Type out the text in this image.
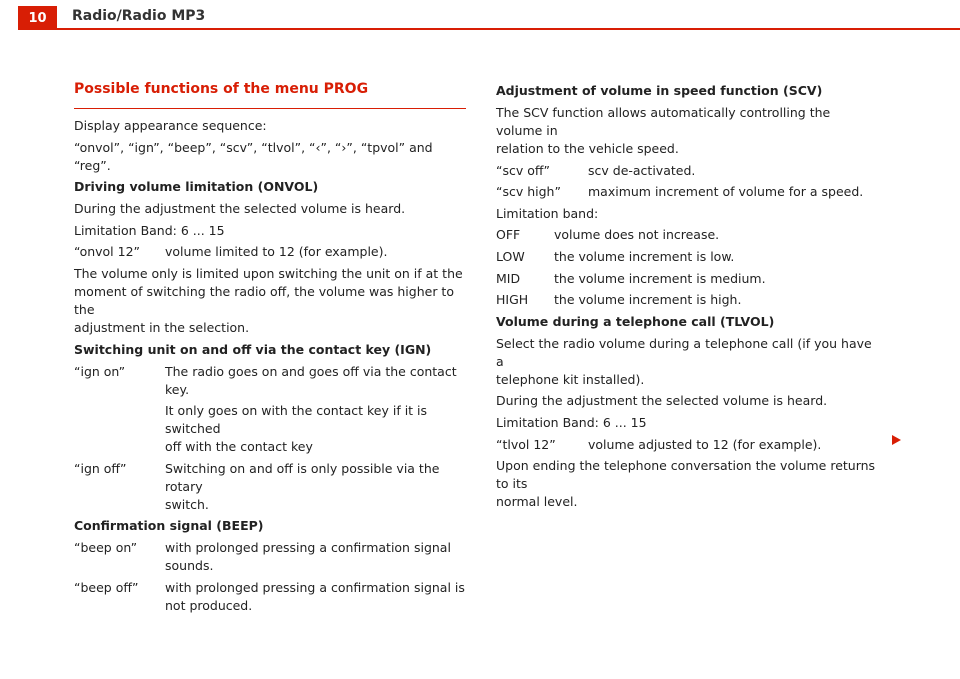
10	Radio/Radio MP3
Possible functions of the menu PROG
Display appearance sequence:
“onvol”, “ign”, “beep”, “scv”, “tlvol”, “‹”, “›”, “tpvol” and “reg”.
Driving volume limitation (ONVOL)
During the adjustment the selected volume is heard.
Limitation Band: 6 ... 15
“onvol 12”	volume limited to 12 (for example).
The volume only is limited upon switching the unit on if at the
moment of switching the radio off, the volume was higher to the
adjustment in the selection.
Switching unit on and off via the contact key (IGN)
“ign on”	The radio goes on and goes off via the contact key.
It only goes on with the contact key if it is switched
off with the contact key
“ign off”	Switching on and off is only possible via the rotary
switch.
Confirmation signal (BEEP)
“beep on”	with prolonged pressing a confirmation signal
sounds.
“beep off”	with prolonged pressing a confirmation signal is
not produced.
Adjustment of volume in speed function (SCV)
The SCV function allows automatically controlling the volume in
relation to the vehicle speed.
“scv off”	scv de-activated.
“scv high”	maximum increment of volume for a speed.
Limitation band:
OFF	volume does not increase.
LOW	the volume increment is low.
MID	the volume increment is medium.
HIGH	the volume increment is high.
Volume during a telephone call (TLVOL)
Select the radio volume during a telephone call (if you have a
telephone kit installed).
During the adjustment the selected volume is heard.
Limitation Band: 6 ... 15
“tlvol 12”	volume adjusted to 12 (for example).
Upon ending the telephone conversation the volume returns to its
normal level.
